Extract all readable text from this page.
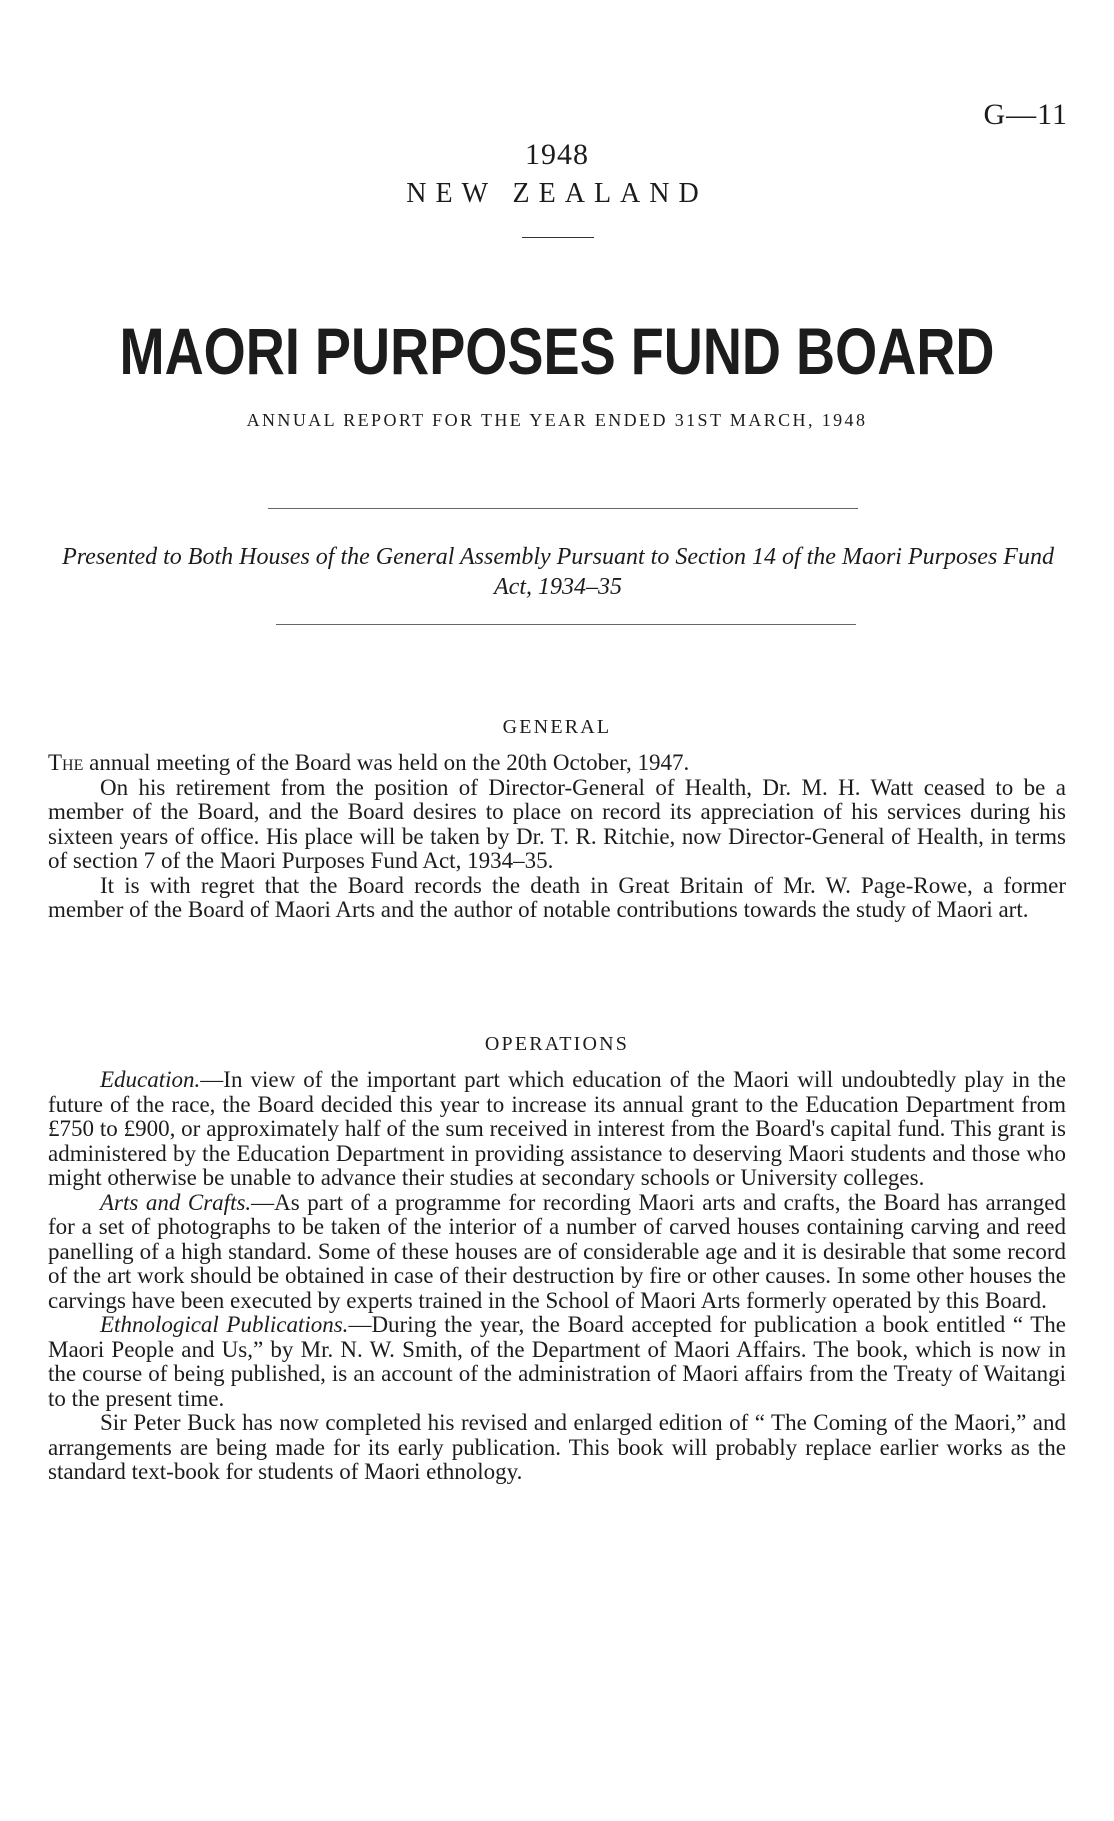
G—11
1948
NEW ZEALAND
MAORI PURPOSES FUND BOARD
ANNUAL REPORT FOR THE YEAR ENDED 31ST MARCH, 1948
Presented to Both Houses of the General Assembly Pursuant to Section 14 of the Maori Purposes Fund Act, 1934–35
GENERAL

The annual meeting of the Board was held on the 20th October, 1947.

On his retirement from the position of Director-General of Health, Dr. M. H. Watt ceased to be a member of the Board, and the Board desires to place on record its appreciation of his services during his sixteen years of office. His place will be taken by Dr. T. R. Ritchie, now Director-General of Health, in terms of section 7 of the Maori Purposes Fund Act, 1934–35.

It is with regret that the Board records the death in Great Britain of Mr. W. Page-Rowe, a former member of the Board of Maori Arts and the author of notable contributions towards the study of Maori art.

OPERATIONS

Education.—In view of the important part which education of the Maori will undoubtedly play in the future of the race, the Board decided this year to increase its annual grant to the Education Department from £750 to £900, or approximately half of the sum received in interest from the Board's capital fund. This grant is administered by the Education Department in providing assistance to deserving Maori students and those who might otherwise be unable to advance their studies at secondary schools or University colleges.

Arts and Crafts.—As part of a programme for recording Maori arts and crafts, the Board has arranged for a set of photographs to be taken of the interior of a number of carved houses containing carving and reed panelling of a high standard. Some of these houses are of considerable age and it is desirable that some record of the art work should be obtained in case of their destruction by fire or other causes. In some other houses the carvings have been executed by experts trained in the School of Maori Arts formerly operated by this Board.

Ethnological Publications.—During the year, the Board accepted for publication a book entitled “ The Maori People and Us,” by Mr. N. W. Smith, of the Department of Maori Affairs. The book, which is now in the course of being published, is an account of the administration of Maori affairs from the Treaty of Waitangi to the present time.

Sir Peter Buck has now completed his revised and enlarged edition of “ The Coming of the Maori,” and arrangements are being made for its early publication. This book will probably replace earlier works as the standard text-book for students of Maori ethnology.
